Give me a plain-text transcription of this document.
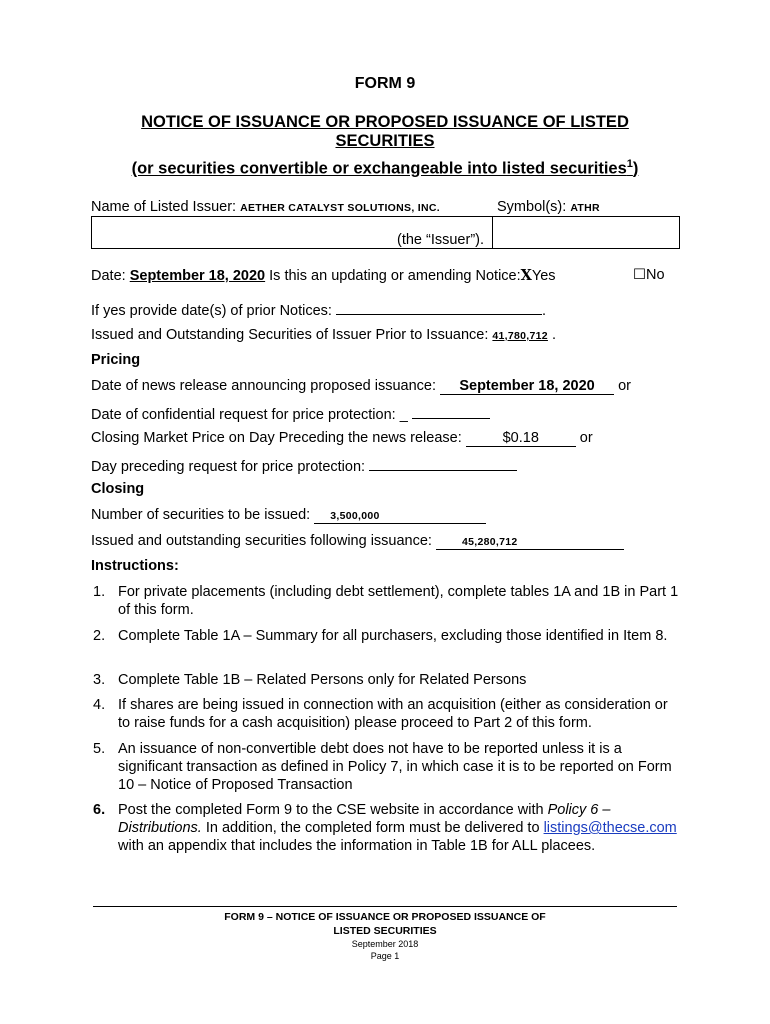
FORM 9
NOTICE OF ISSUANCE OR PROPOSED ISSUANCE OF LISTED
SECURITIES
(or securities convertible or exchangeable into listed securities$^1$)
Name of Listed Issuer: AETHER CATALYST SOLUTIONS, INC.	Symbol(s): ATHR
(the “Issuer”).
Date: September 18, 2020 Is this an updating or amending Notice:XYes	☐No
If yes provide date(s) of prior Notices:	.
Issued and Outstanding Securities of Issuer Prior to Issuance: 41,780,712 .
Pricing
Date of news release announcing proposed issuance: September 18, 2020 or
Date of confidential request for price protection: _
Closing Market Price on Day Preceding the news release:	$0.18	or
Day preceding request for price protection:
Closing
Number of securities to be issued: 3,500,000
Issued and outstanding securities following issuance:	45,280,712
Instructions:
1. For private placements (including debt settlement), complete tables 1A and 1B in Part 1 of this form.
2. Complete Table 1A – Summary for all purchasers, excluding those identified in Item 8.
3. Complete Table 1B – Related Persons only for Related Persons
4. If shares are being issued in connection with an acquisition (either as consideration or to raise funds for a cash acquisition) please proceed to Part 2 of this form.
5. An issuance of non-convertible debt does not have to be reported unless it is a significant transaction as defined in Policy 7, in which case it is to be reported on Form 10 – Notice of Proposed Transaction
6. Post the completed Form 9 to the CSE website in accordance with Policy 6 – Distributions. In addition, the completed form must be delivered to listings@thecse.com with an appendix that includes the information in Table 1B for ALL placees.
FORM 9 – NOTICE OF ISSUANCE OR PROPOSED ISSUANCE OF
LISTED SECURITIES
September 2018
Page 1
